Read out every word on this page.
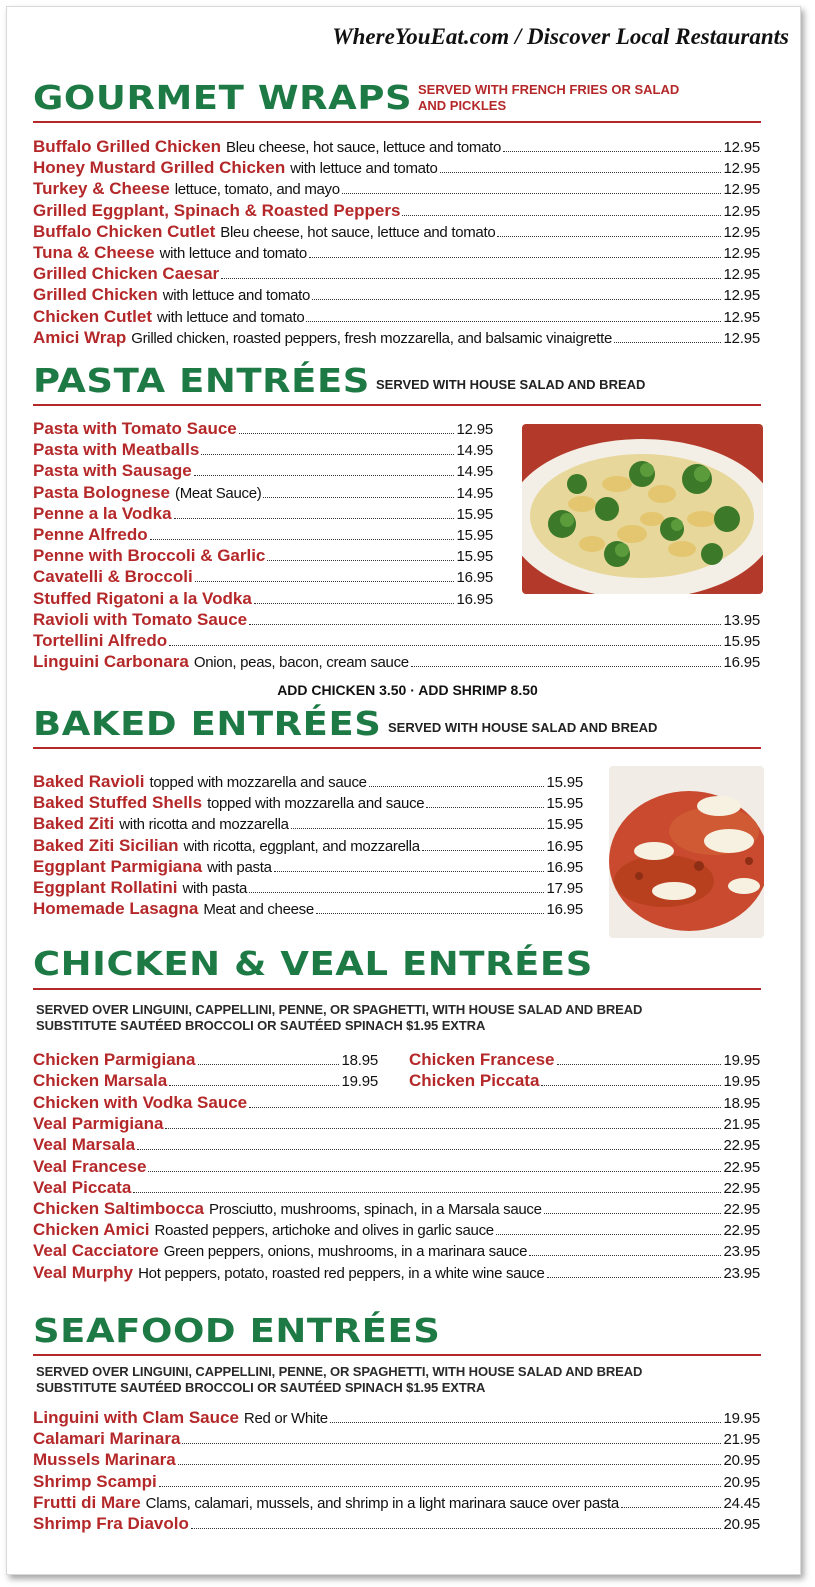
WhereYouEat.com / Discover Local Restaurants
GOURMET WRAPS SERVED WITH FRENCH FRIES OR SALAD
AND PICKLES
Buffalo Grilled Chicken Bleu cheese, hot sauce, lettuce and tomato	12.95
Honey Mustard Grilled Chicken with lettuce and tomato	12.95
Turkey & Cheese lettuce, tomato, and mayo	12.95
Grilled Eggplant, Spinach & Roasted Peppers	12.95
Buffalo Chicken Cutlet Bleu cheese, hot sauce, lettuce and tomato	12.95
Tuna & Cheese with lettuce and tomato	12.95
Grilled Chicken Caesar	12.95
Grilled Chicken with lettuce and tomato	12.95
Chicken Cutlet with lettuce and tomato	12.95
Amici Wrap Grilled chicken, roasted peppers, fresh mozzarella, and balsamic vinaigrette	12.95
PASTA ENTRÉES SERVED WITH HOUSE SALAD AND BREAD
Pasta with Tomato Sauce	12.95
Pasta with Meatballs	14.95
Pasta with Sausage	14.95
Pasta Bolognese (Meat Sauce)	14.95
Penne a la Vodka	15.95
Penne Alfredo	15.95
Penne with Broccoli & Garlic	15.95
Cavatelli & Broccoli	16.95
Stuffed Rigatoni a la Vodka	16.95
Ravioli with Tomato Sauce	13.95
Tortellini Alfredo	15.95
Linguini Carbonara Onion, peas, bacon, cream sauce	16.95
ADD CHICKEN 3.50 · ADD SHRIMP 8.50
BAKED ENTRÉES SERVED WITH HOUSE SALAD AND BREAD
Baked Ravioli topped with mozzarella and sauce	15.95
Baked Stuffed Shells topped with mozzarella and sauce	15.95
Baked Ziti with ricotta and mozzarella	15.95
Baked Ziti Sicilian with ricotta, eggplant, and mozzarella	16.95
Eggplant Parmigiana with pasta	16.95
Eggplant Rollatini with pasta	17.95
Homemade Lasagna Meat and cheese	16.95
CHICKEN & VEAL ENTRÉES
SERVED OVER LINGUINI, CAPPELLINI, PENNE, OR SPAGHETTI, WITH HOUSE SALAD AND BREAD
SUBSTITUTE SAUTÉED BROCCOLI OR SAUTÉED SPINACH $1.95 EXTRA
Chicken Parmigiana	18.95
Chicken Marsala	19.95
Chicken Francese	19.95
Chicken Piccata	19.95
Chicken with Vodka Sauce	18.95
Veal Parmigiana	21.95
Veal Marsala	22.95
Veal Francese	22.95
Veal Piccata	22.95
Chicken Saltimbocca Prosciutto, mushrooms, spinach, in a Marsala sauce	22.95
Chicken Amici Roasted peppers, artichoke and olives in garlic sauce	22.95
Veal Cacciatore Green peppers, onions, mushrooms, in a marinara sauce	23.95
Veal Murphy Hot peppers, potato, roasted red peppers, in a white wine sauce	23.95
SEAFOOD ENTRÉES
SERVED OVER LINGUINI, CAPPELLINI, PENNE, OR SPAGHETTI, WITH HOUSE SALAD AND BREAD
SUBSTITUTE SAUTÉED BROCCOLI OR SAUTÉED SPINACH $1.95 EXTRA
Linguini with Clam Sauce Red or White	19.95
Calamari Marinara	21.95
Mussels Marinara	20.95
Shrimp Scampi	20.95
Frutti di Mare Clams, calamari, mussels, and shrimp in a light marinara sauce over pasta	24.45
Shrimp Fra Diavolo	20.95
